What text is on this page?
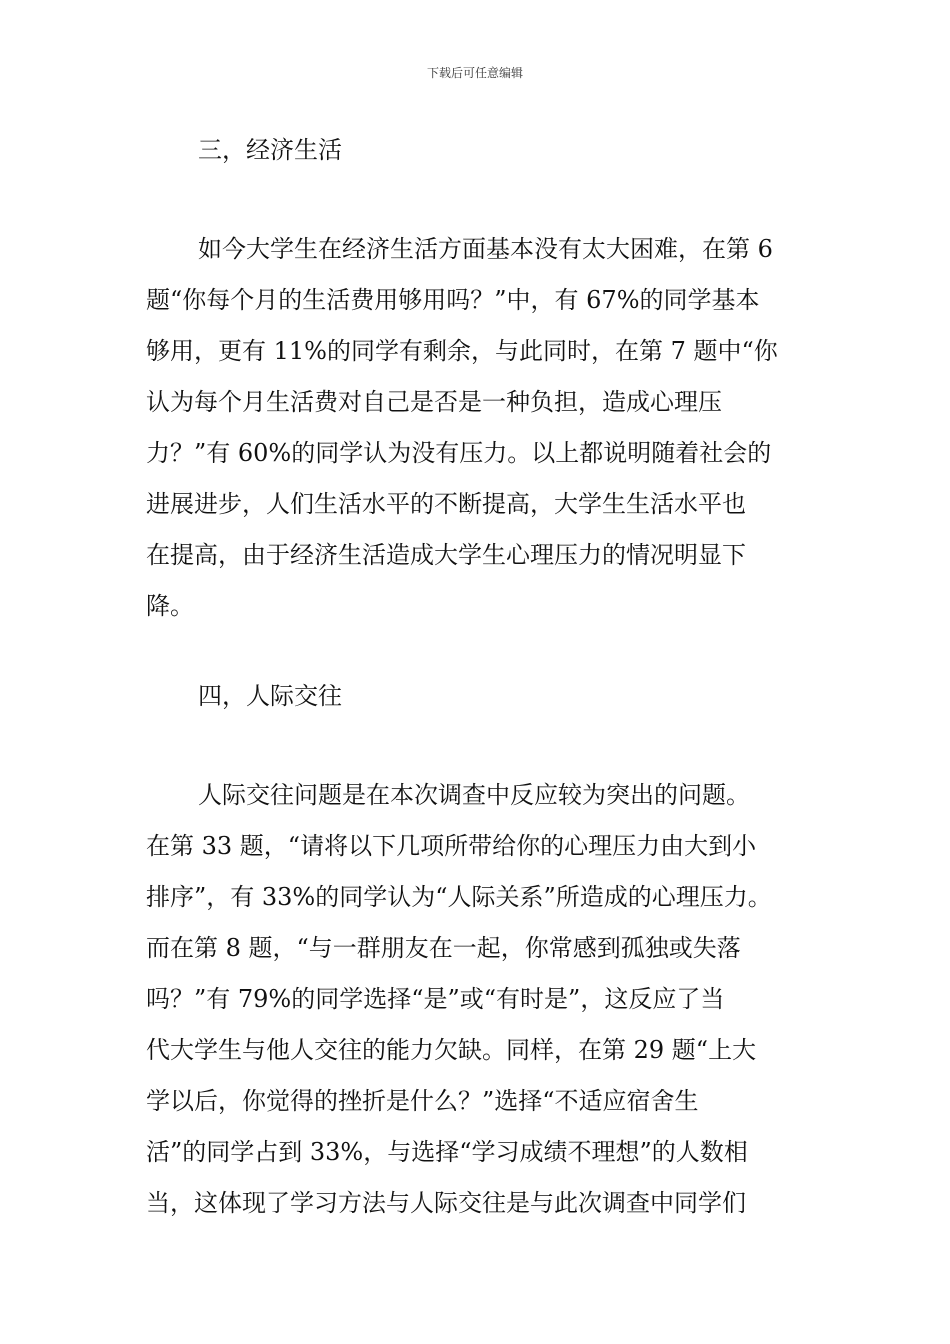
下载后可任意编辑
三，经济生活
如今大学生在经济生活方面基本没有太大困难，在第 6
题“你每个月的生活费用够用吗？”中，有 67%的同学基本
够用，更有 11%的同学有剩余，与此同时，在第 7 题中“你
认为每个月生活费对自己是否是一种负担，造成心理压
力？”有 60%的同学认为没有压力。以上都说明随着社会的
进展进步，人们生活水平的不断提高，大学生生活水平也
在提高，由于经济生活造成大学生心理压力的情况明显下
降。
四，人际交往
人际交往问题是在本次调查中反应较为突出的问题。
在第 33 题，“请将以下几项所带给你的心理压力由大到小
排序”，有 33%的同学认为“人际关系”所造成的心理压力。
而在第 8 题，“与一群朋友在一起，你常感到孤独或失落
吗？”有 79%的同学选择“是”或“有时是”，这反应了当
代大学生与他人交往的能力欠缺。同样，在第 29 题“上大
学以后，你觉得的挫折是什么？”选择“不适应宿舍生
活”的同学占到 33%，与选择“学习成绩不理想”的人数相
当，这体现了学习方法与人际交往是与此次调查中同学们
